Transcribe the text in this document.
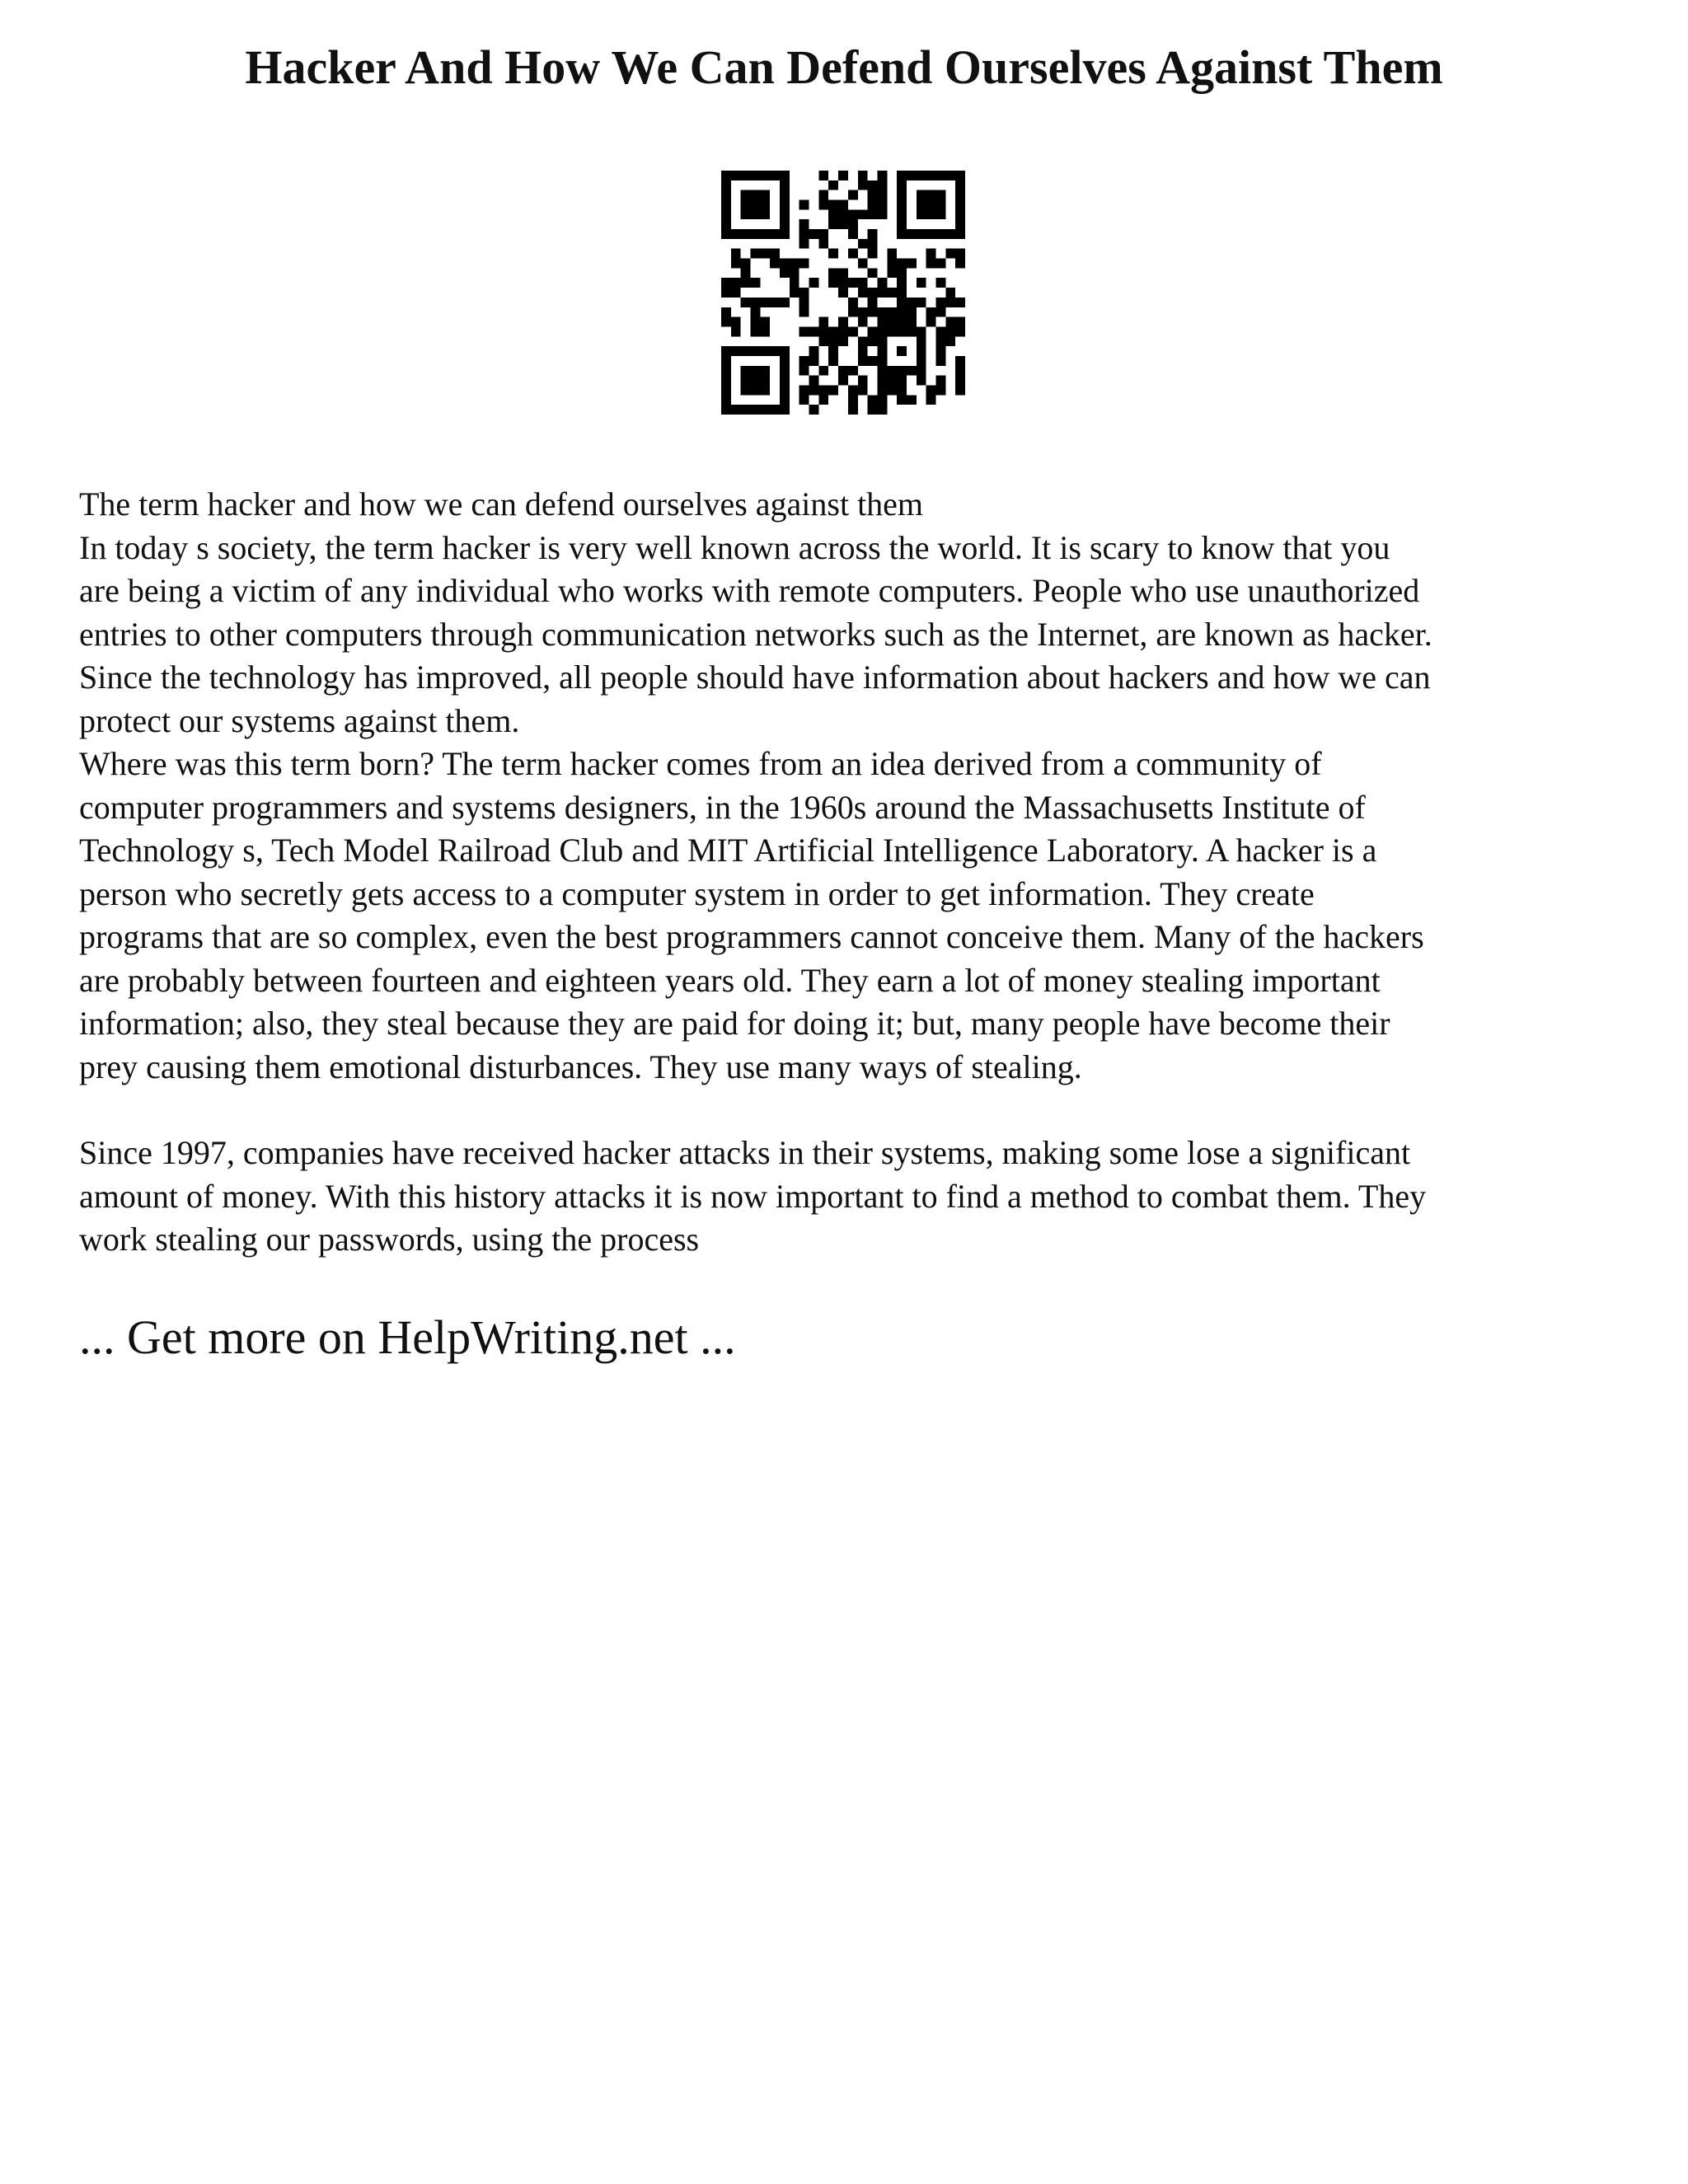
Hacker And How We Can Defend Ourselves Against Them

The term hacker and how we can defend ourselves against them

In today s society, the term hacker is very well known across the world. It is scary to know that you

are being a victim of any individual who works with remote computers. People who use unauthorized

entries to other computers through communication networks such as the Internet, are known as hacker.

Since the technology has improved, all people should have information about hackers and how we can

protect our systems against them.

Where was this term born? The term hacker comes from an idea derived from a community of

computer programmers and systems designers, in the 1960s around the Massachusetts Institute of

Technology s, Tech Model Railroad Club and MIT Artificial Intelligence Laboratory. A hacker is a

person who secretly gets access to a computer system in order to get information. They create

programs that are so complex, even the best programmers cannot conceive them. Many of the hackers

are probably between fourteen and eighteen years old. They earn a lot of money stealing important

information; also, they steal because they are paid for doing it; but, many people have become their

prey causing them emotional disturbances. They use many ways of stealing.

Since 1997, companies have received hacker attacks in their systems, making some lose a significant

amount of money. With this history attacks it is now important to find a method to combat them. They

work stealing our passwords, using the process

... Get more on HelpWriting.net ...
